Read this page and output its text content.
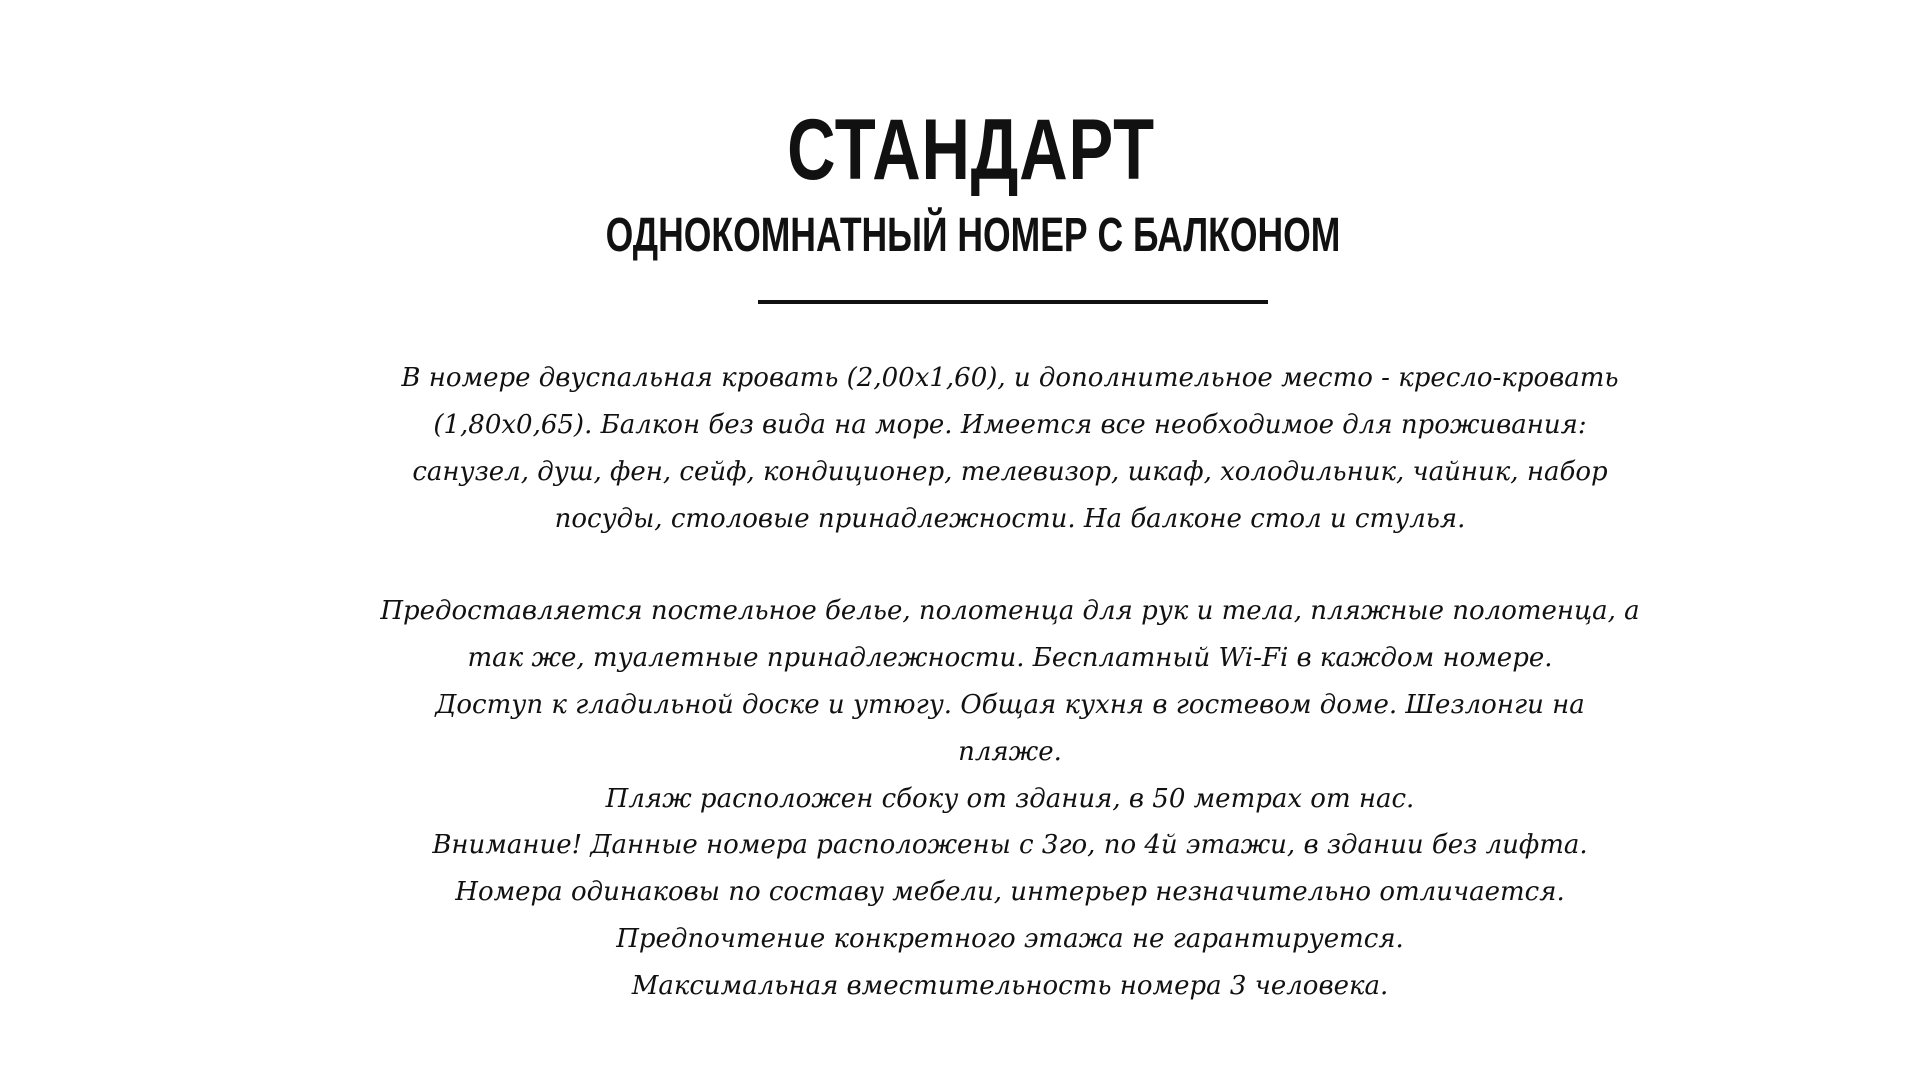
СТАНДАРТ
ОДНОКОМНАТНЫЙ НОМЕР С БАЛКОНОМ

В номере двуспальная кровать (2,00х1,60), и дополнительное место - кресло-кровать (1,80х0,65). Балкон без вида на море. Имеется все необходимое для проживания: санузел, душ, фен, сейф, кондиционер, телевизор, шкаф, холодильник, чайник, набор посуды, столовые принадлежности. На балконе стол и стулья.

Предоставляется постельное белье, полотенца для рук и тела, пляжные полотенца, а так же, туалетные принадлежности. Бесплатный Wi-Fi в каждом номере.
Доступ к гладильной доске и утюгу. Общая кухня в гостевом доме. Шезлонги на пляже.
Пляж расположен сбоку от здания, в 50 метрах от нас.
Внимание! Данные номера расположены с 3го, по 4й этажи, в здании без лифта. Номера одинаковы по составу мебели, интерьер незначительно отличается. Предпочтение конкретного этажа не гарантируется.
Максимальная вместительность номера 3 человека.
